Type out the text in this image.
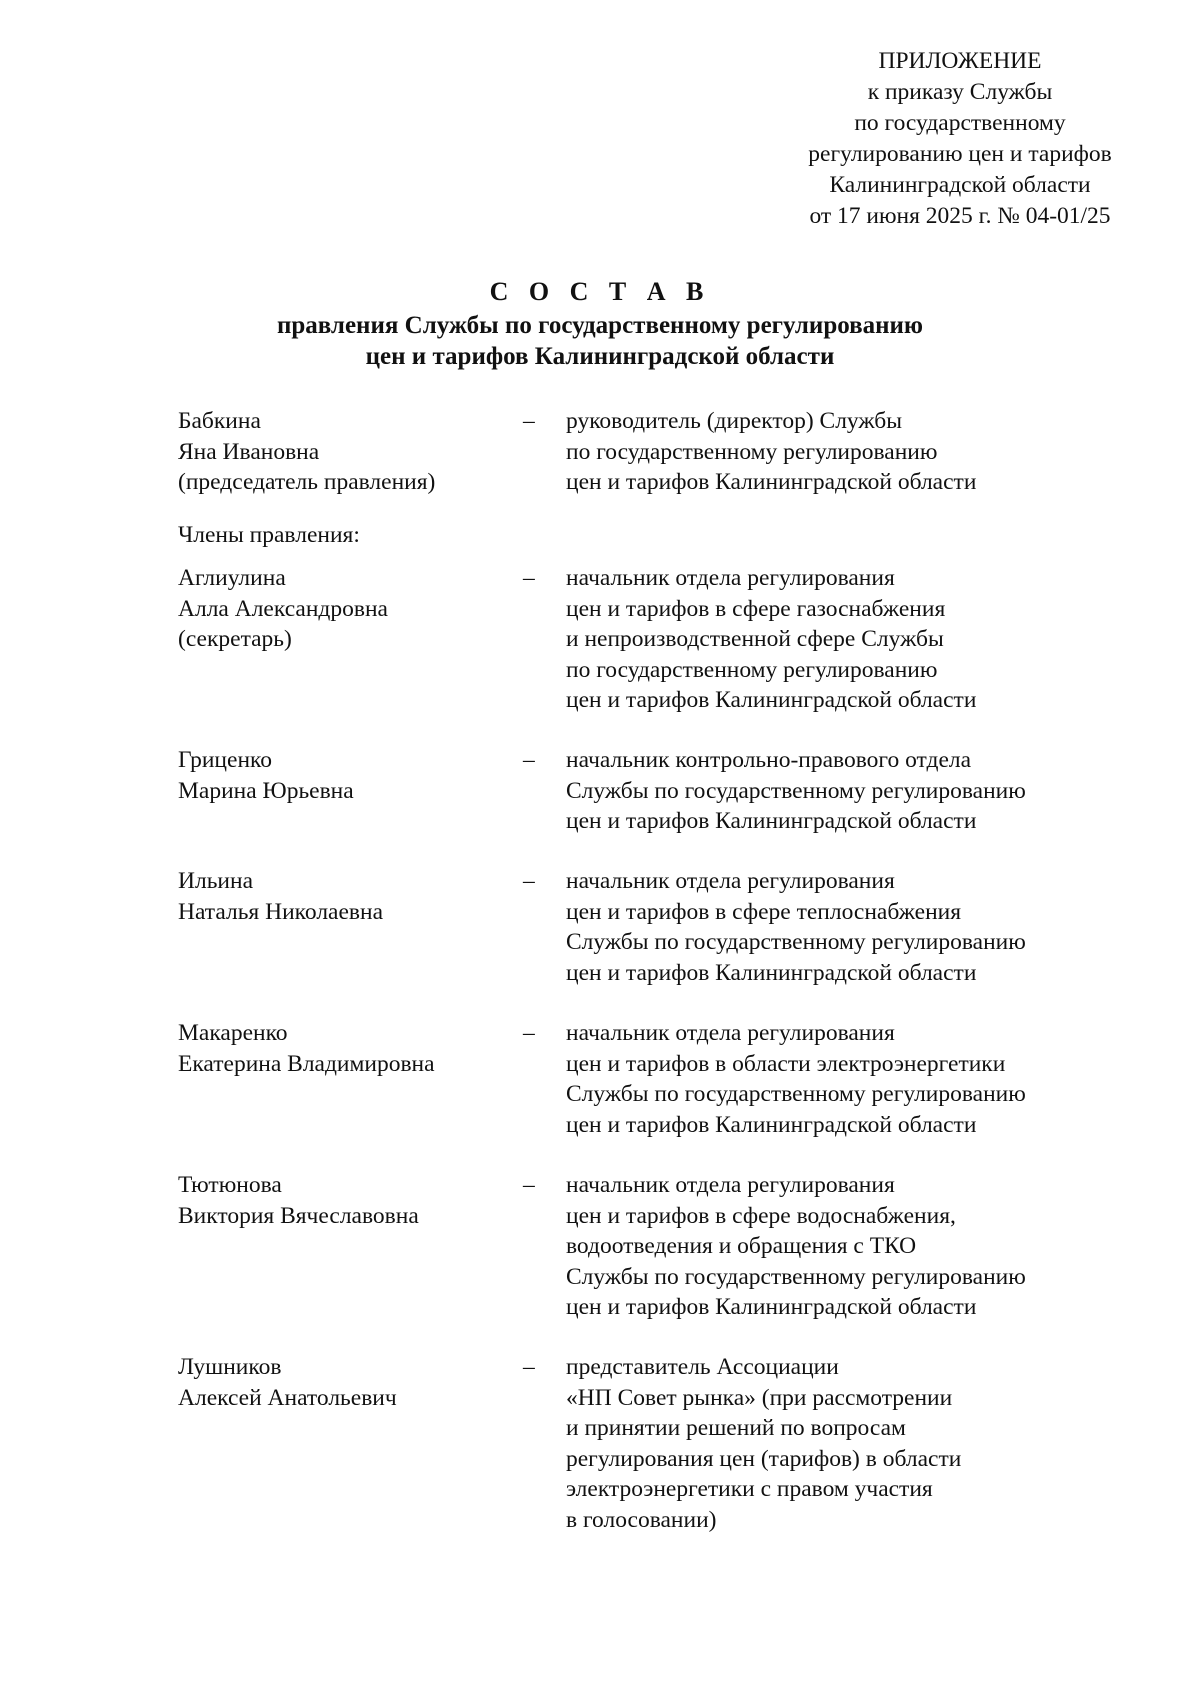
ПРИЛОЖЕНИЕ
к приказу Службы
по государственному
регулированию цен и тарифов
Калининградской области
от 17 июня 2025 г. № 04-01/25
С О С Т А В
правления Службы по государственному регулированию
цен и тарифов Калининградской области
Бабкина
Яна Ивановна
(председатель правления)
– руководитель (директор) Службы
по государственному регулированию
цен и тарифов Калининградской области
Члены правления:
Аглиулина
Алла Александровна
(секретарь)
– начальник отдела регулирования
цен и тарифов в сфере газоснабжения
и непроизводственной сфере Службы
по государственному регулированию
цен и тарифов Калининградской области
Гриценко
Марина Юрьевна
– начальник контрольно-правового отдела
Службы по государственному регулированию
цен и тарифов Калининградской области
Ильина
Наталья Николаевна
– начальник отдела регулирования
цен и тарифов в сфере теплоснабжения
Службы по государственному регулированию
цен и тарифов Калининградской области
Макаренко
Екатерина Владимировна
– начальник отдела регулирования
цен и тарифов в области электроэнергетики
Службы по государственному регулированию
цен и тарифов Калининградской области
Тютюнова
Виктория Вячеславовна
– начальник отдела регулирования
цен и тарифов в сфере водоснабжения,
водоотведения и обращения с ТКО
Службы по государственному регулированию
цен и тарифов Калининградской области
Лушников
Алексей Анатольевич
– представитель Ассоциации
«НП Совет рынка» (при рассмотрении
и принятии решений по вопросам
регулирования цен (тарифов) в области
электроэнергетики с правом участия
в голосовании)
